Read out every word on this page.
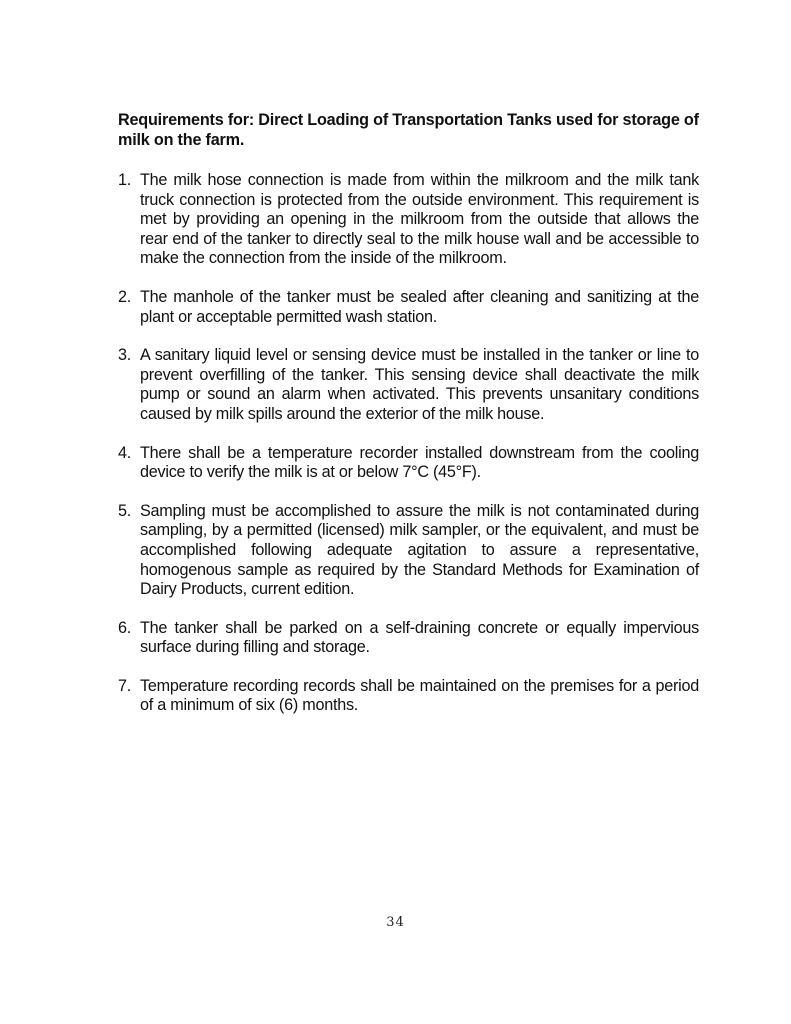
Requirements for: Direct Loading of Transportation Tanks used for storage of milk on the farm.
1. The milk hose connection is made from within the milkroom and the milk tank truck connection is protected from the outside environment. This requirement is met by providing an opening in the milkroom from the outside that allows the rear end of the tanker to directly seal to the milk house wall and be accessible to make the connection from the inside of the milkroom.
2. The manhole of the tanker must be sealed after cleaning and sanitizing at the plant or acceptable permitted wash station.
3. A sanitary liquid level or sensing device must be installed in the tanker or line to prevent overfilling of the tanker. This sensing device shall deactivate the milk pump or sound an alarm when activated. This prevents unsanitary conditions caused by milk spills around the exterior of the milk house.
4. There shall be a temperature recorder installed downstream from the cooling device to verify the milk is at or below 7°C (45°F).
5. Sampling must be accomplished to assure the milk is not contaminated during sampling, by a permitted (licensed) milk sampler, or the equivalent, and must be accomplished following adequate agitation to assure a representative, homogenous sample as required by the Standard Methods for Examination of Dairy Products, current edition.
6. The tanker shall be parked on a self-draining concrete or equally impervious surface during filling and storage.
7. Temperature recording records shall be maintained on the premises for a period of a minimum of six (6) months.
34
